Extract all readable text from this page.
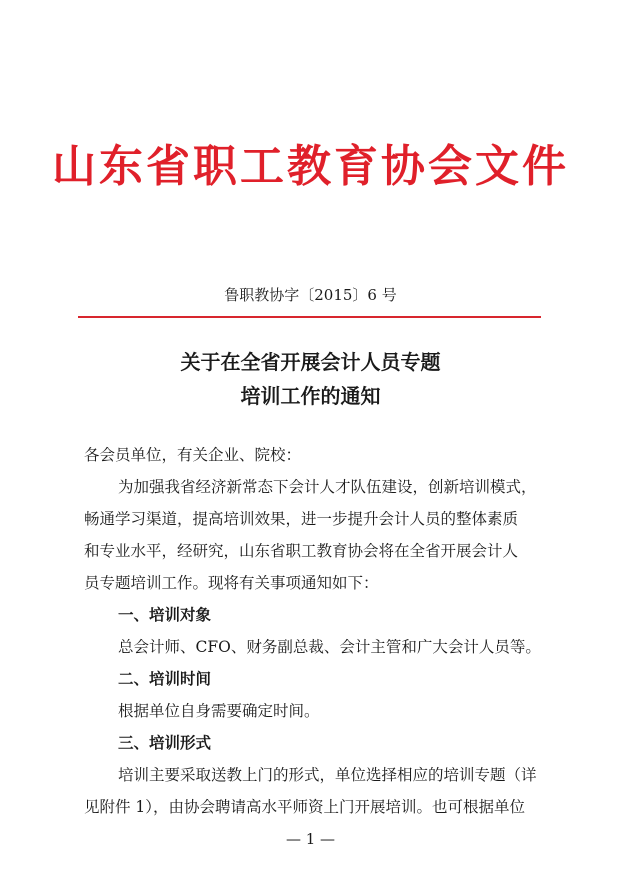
山东省职工教育协会文件
鲁职教协字〔2015〕6 号
关于在全省开展会计人员专题
培训工作的通知
各会员单位，有关企业、院校：
为加强我省经济新常态下会计人才队伍建设，创新培训模式，
畅通学习渠道，提高培训效果，进一步提升会计人员的整体素质
和专业水平，经研究，山东省职工教育协会将在全省开展会计人
员专题培训工作。现将有关事项通知如下：
一、培训对象
总会计师、CFO、财务副总裁、会计主管和广大会计人员等。
二、培训时间
根据单位自身需要确定时间。
三、培训形式
培训主要采取送教上门的形式，单位选择相应的培训专题（详
见附件 1），由协会聘请高水平师资上门开展培训。也可根据单位
— 1 —
